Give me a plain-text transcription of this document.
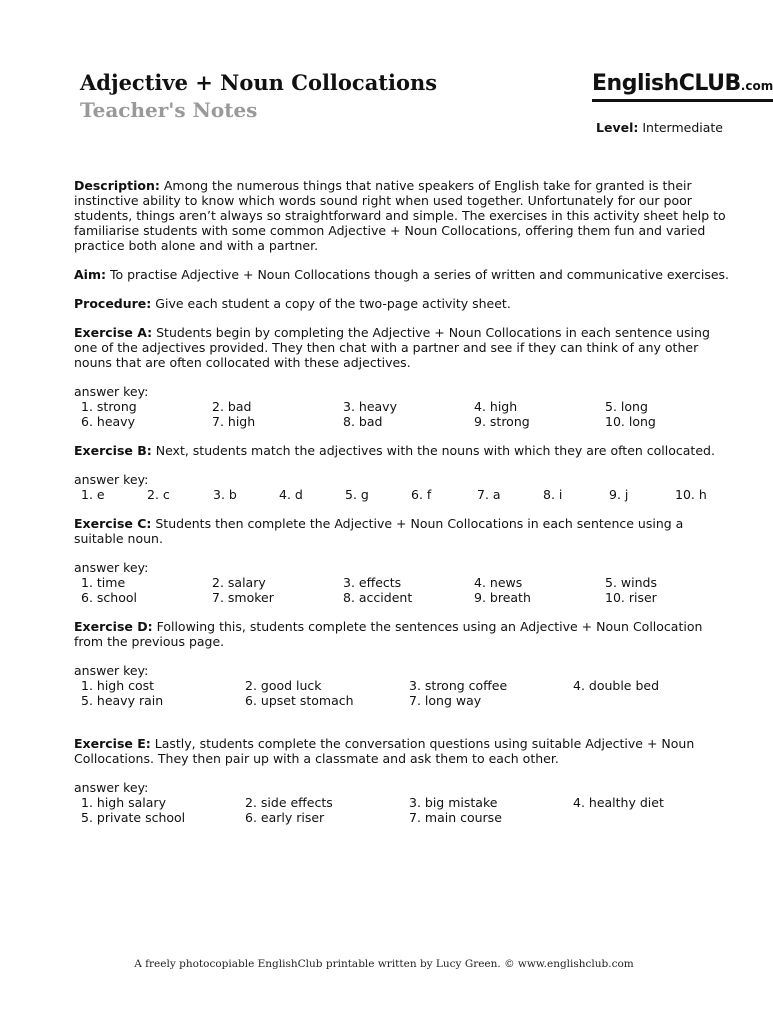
Adjective + Noun Collocations
Teacher's Notes
EnglishCLUB.com
Level: Intermediate

Description: Among the numerous things that native speakers of English take for granted is their instinctive ability to know which words sound right when used together. Unfortunately for our poor students, things aren’t always so straightforward and simple. The exercises in this activity sheet help to familiarise students with some common Adjective + Noun Collocations, offering them fun and varied practice both alone and with a partner.

Aim: To practise Adjective + Noun Collocations though a series of written and communicative exercises.

Procedure: Give each student a copy of the two-page activity sheet.

Exercise A: Students begin by completing the Adjective + Noun Collocations in each sentence using one of the adjectives provided. They then chat with a partner and see if they can think of any other nouns that are often collocated with these adjectives.

answer key:

1. strong	2. bad	3. heavy	4. high	5. long
6. heavy	7. high	8. bad	9. strong	10. long

Exercise B: Next, students match the adjectives with the nouns with which they are often collocated.

answer key:

1. e	2. c	3. b	4. d	5. g	6. f	7. a	8. i	9. j	10. h

Exercise C: Students then complete the Adjective + Noun Collocations in each sentence using a suitable noun.

answer key:

1. time	2. salary	3. effects	4. news	5. winds
6. school	7. smoker	8. accident	9. breath	10. riser

Exercise D: Following this, students complete the sentences using an Adjective + Noun Collocation from the previous page.

answer key:

1. high cost	2. good luck	3. strong coffee	4. double bed
5. heavy rain	6. upset stomach	7. long way

Exercise E: Lastly, students complete the conversation questions using suitable Adjective + Noun Collocations. They then pair up with a classmate and ask them to each other.

answer key:

1. high salary	2. side effects	3. big mistake	4. healthy diet
5. private school	6. early riser	7. main course
A freely photocopiable EnglishClub printable written by Lucy Green. © www.englishclub.com
